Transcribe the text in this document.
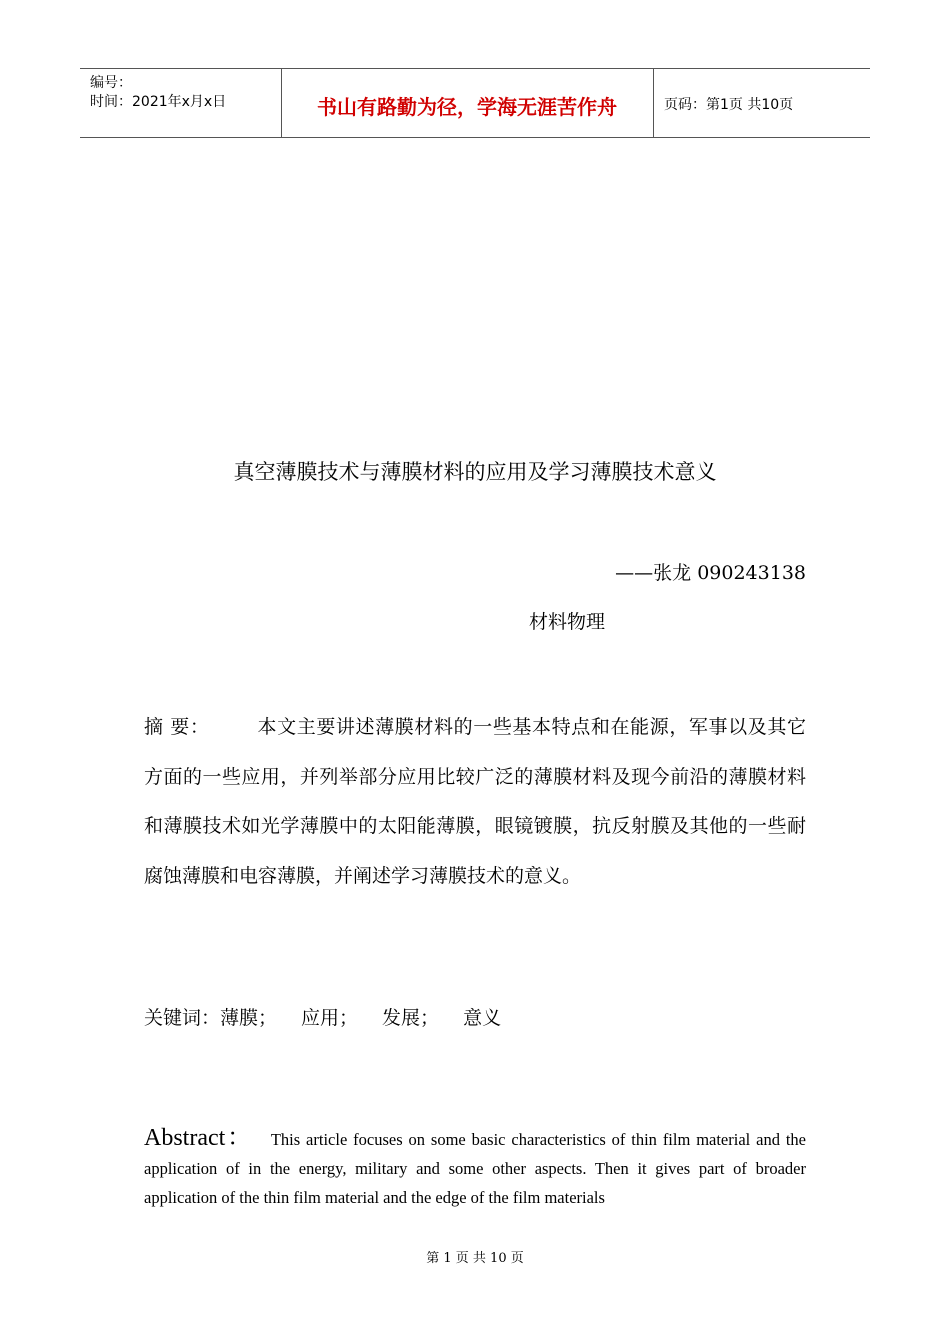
编号：
时间：2021年x月x日	书山有路勤为径，学海无涯苦作舟	页码：第1页 共10页
真空薄膜技术与薄膜材料的应用及学习薄膜技术意义
——张龙 090243138
材料物理
摘 要：	本文主要讲述薄膜材料的一些基本特点和在能源，军事以及其它方面的一些应用，并列举部分应用比较广泛的薄膜材料及现今前沿的薄膜材料和薄膜技术如光学薄膜中的太阳能薄膜，眼镜镀膜，抗反射膜及其他的一些耐腐蚀薄膜和电容薄膜，并阐述学习薄膜技术的意义。
关键词：薄膜； 应用； 发展； 意义
Abstract： This article focuses on some basic characteristics of thin film material and the application of in the energy, military and some other aspects. Then it gives part of broader application of the thin film material and the edge of the film materials
第 1 页 共 10 页
